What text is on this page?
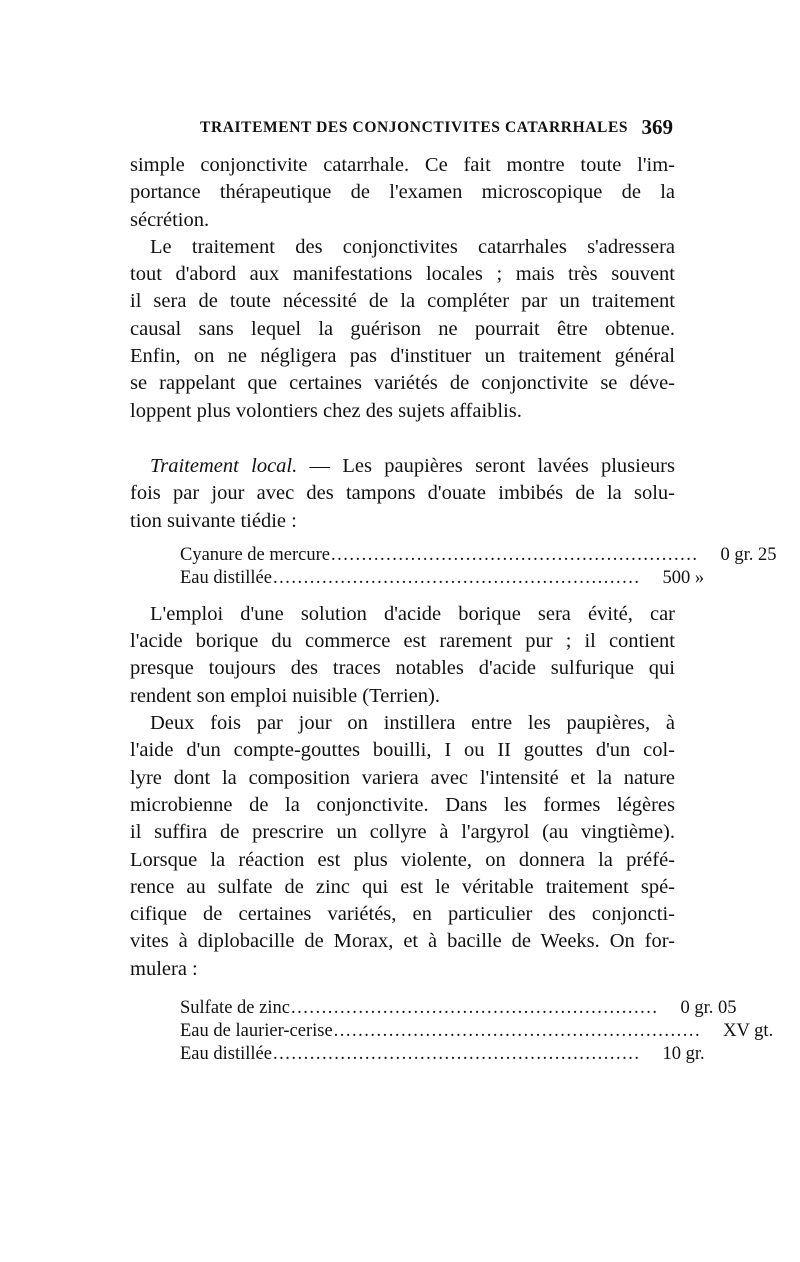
TRAITEMENT DES CONJONCTIVITES CATARRHALES 369
simple conjonctivite catarrhale. Ce fait montre toute l'im-
portance thérapeutique de l'examen microscopique de la
sécrétion.
Le traitement des conjonctivites catarrhales s'adressera
tout d'abord aux manifestations locales ; mais très souvent
il sera de toute nécessité de la compléter par un traitement
causal sans lequel la guérison ne pourrait être obtenue.
Enfin, on ne négligera pas d'instituer un traitement général
se rappelant que certaines variétés de conjonctivite se déve-
loppent plus volontiers chez des sujets affaiblis.
Traitement local. — Les paupières seront lavées plusieurs
fois par jour avec des tampons d'ouate imbibés de la solu-
tion suivante tiédie :
Cyanure de mercure ............................................................	0 gr. 25
Eau distillée ............................................................	500 »
L'emploi d'une solution d'acide borique sera évité, car
l'acide borique du commerce est rarement pur ; il contient
presque toujours des traces notables d'acide sulfurique qui
rendent son emploi nuisible (Terrien).
Deux fois par jour on instillera entre les paupières, à
l'aide d'un compte-gouttes bouilli, I ou II gouttes d'un col-
lyre dont la composition variera avec l'intensité et la nature
microbienne de la conjonctivite. Dans les formes légères
il suffira de prescrire un collyre à l'argyrol (au vingtième).
Lorsque la réaction est plus violente, on donnera la préfé-
rence au sulfate de zinc qui est le véritable traitement spé-
cifique de certaines variétés, en particulier des conjoncti-
vites à diplobacille de Morax, et à bacille de Weeks. On for-
mulera :
Sulfate de zinc ............................................................	0 gr. 05
Eau de laurier-cerise ............................................................	XV gt.
Eau distillée ............................................................	10 gr.
